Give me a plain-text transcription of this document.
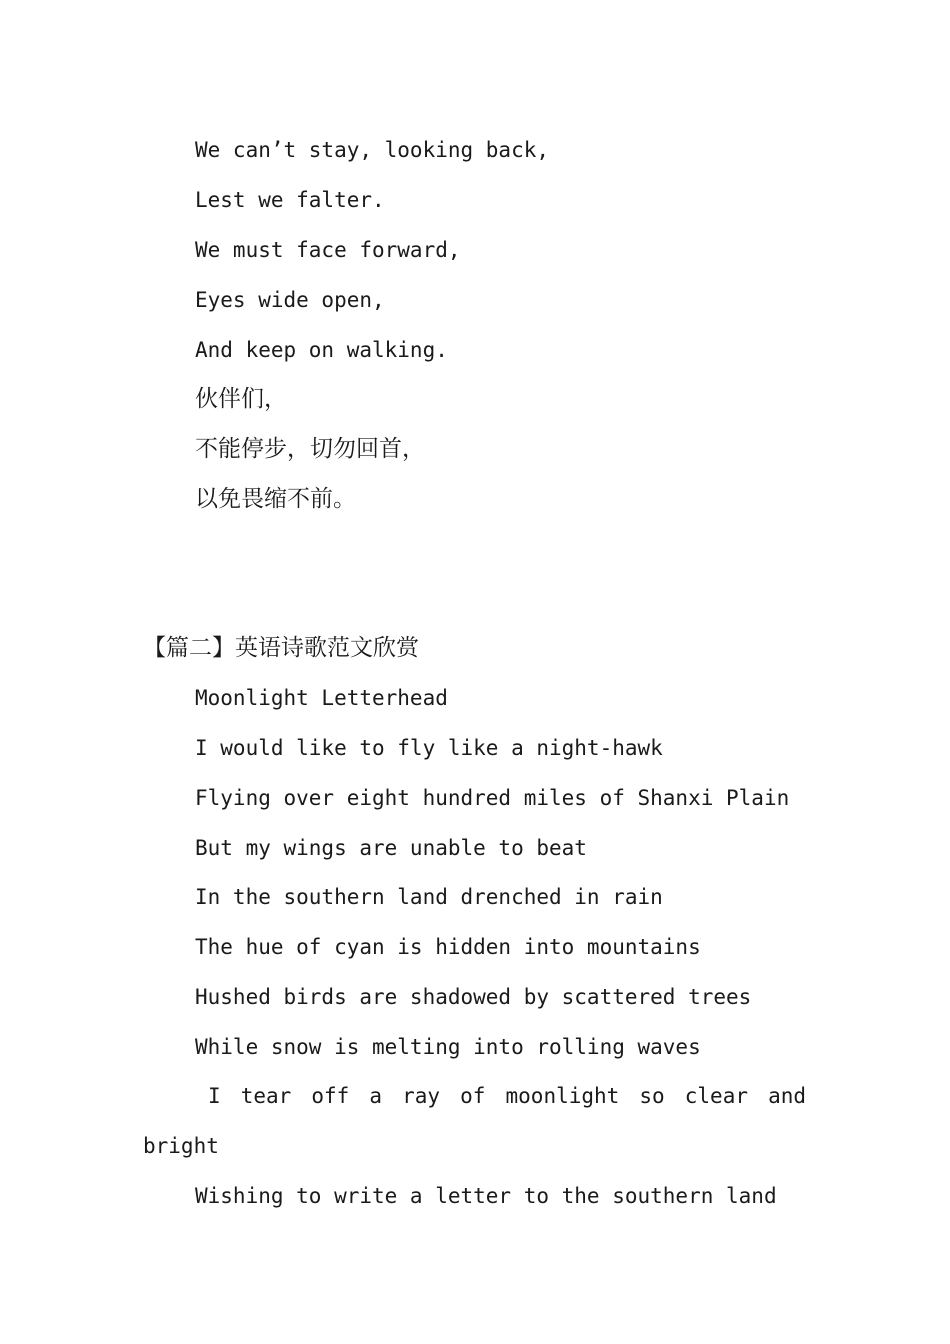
We can’t stay, looking back,
Lest we falter.
We must face forward,
Eyes wide open,
And keep on walking.
伙伴们，
不能停步，切勿回首，
以免畏缩不前。
【篇二】英语诗歌范文欣赏
Moonlight Letterhead
I would like to fly like a night-hawk
Flying over eight hundred miles of Shanxi Plain
But my wings are unable to beat
In the southern land drenched in rain
The hue of cyan is hidden into mountains
Hushed birds are shadowed by scattered trees
While snow is melting into rolling waves
I tear off a ray of moonlight so clear and
bright
Wishing to write a letter to the southern land
